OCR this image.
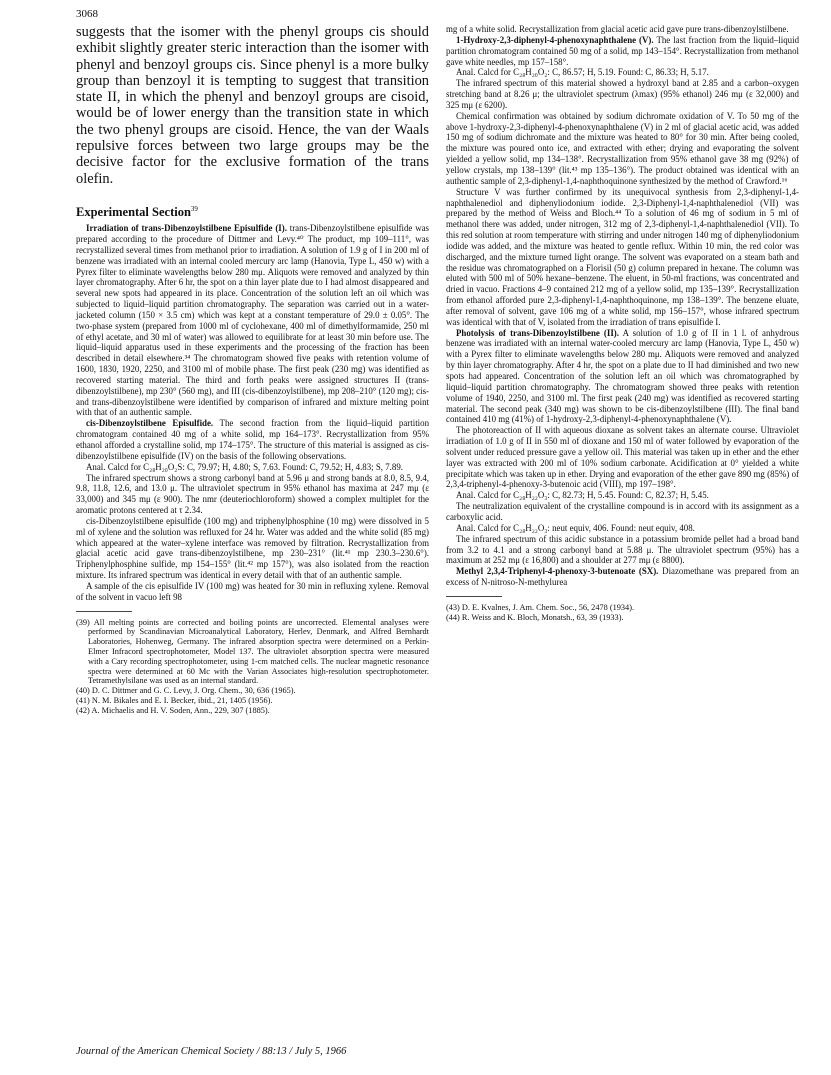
3068
suggests that the isomer with the phenyl groups cis should exhibit slightly greater steric interaction than the isomer with phenyl and benzoyl groups cis. Since phenyl is a more bulky group than benzoyl it is tempting to suggest that transition state II, in which the phenyl and benzoyl groups are cisoid, would be of lower energy than the transition state in which the two phenyl groups are cisoid. Hence, the van der Waals repulsive forces between two large groups may be the decisive factor for the exclusive formation of the trans olefin.
Experimental Section$^{39}$

Irradiation of trans-Dibenzoylstilbene Episulfide (I). trans-Dibenzoylstilbene episulfide was prepared according to the procedure of Dittmer and Levy.⁴⁰ The product, mp 109–111°, was recrystallized several times from methanol prior to irradiation. A solution of 1.9 g of I in 200 ml of benzene was irradiated with an internal cooled mercury arc lamp (Hanovia, Type L, 450 w) with a Pyrex filter to eliminate wavelengths below 280 mμ. Aliquots were removed and analyzed by thin layer chromatography. After 6 hr, the spot on a thin layer plate due to I had almost disappeared and several new spots had appeared in its place. Concentration of the solution left an oil which was subjected to liquid–liquid partition chromatography. The separation was carried out in a water-jacketed column (150 × 3.5 cm) which was kept at a constant temperature of 29.0 ± 0.05°. The two-phase system (prepared from 1000 ml of cyclohexane, 400 ml of dimethylformamide, 250 ml of ethyl acetate, and 30 ml of water) was allowed to equilibrate for at least 30 min before use. The liquid–liquid apparatus used in these experiments and the processing of the fraction has been described in detail elsewhere.³⁴ The chromatogram showed five peaks with retention volume of 1600, 1830, 1920, 2250, and 3100 ml of mobile phase. The first peak (230 mg) was identified as recovered starting material. The third and forth peaks were assigned structures II (trans-dibenzoylstilbene), mp 230° (560 mg), and III (cis-dibenzoylstilbene), mp 208–210° (120 mg); cis- and trans-dibenzoylstilbene were identified by comparison of infrared and mixture melting point with that of an authentic sample.

cis-Dibenzoylstilbene Episulfide. The second fraction from the liquid–liquid partition chromatogram contained 40 mg of a white solid, mp 164–173°. Recrystallization from 95% ethanol afforded a crystalline solid, mp 174–175°. The structure of this material is assigned as cis-dibenzoylstilbene episulfide (IV) on the basis of the following observations.

Anal. Calcd for C₂₈H₂₀O₂S: C, 79.97; H, 4.80; S, 7.63. Found: C, 79.52; H, 4.83; S, 7.89.

The infrared spectrum shows a strong carbonyl band at 5.96 μ and strong bands at 8.0, 8.5, 9.4, 9.8, 11.8, 12.6, and 13.0 μ. The ultraviolet spectrum in 95% ethanol has maxima at 247 mμ (ε 33,000) and 345 mμ (ε 900). The nmr (deuteriochloroform) showed a complex multiplet for the aromatic protons centered at τ 2.34.

cis-Dibenzoylstilbene episulfide (100 mg) and triphenylphosphine (10 mg) were dissolved in 5 ml of xylene and the solution was refluxed for 24 hr. Water was added and the white solid (85 mg) which appeared at the water–xylene interface was removed by filtration. Recrystallization from glacial acetic acid gave trans-dibenzoylstilbene, mp 230–231° (lit.⁴¹ mp 230.3–230.6°). Triphenylphosphine sulfide, mp 154–155° (lit.⁴² mp 157°), was also isolated from the reaction mixture. Its infrared spectrum was identical in every detail with that of an authentic sample.

A sample of the cis episulfide IV (100 mg) was heated for 30 min in refluxing xylene. Removal of the solvent in vacuo left 98

(39) All melting points are corrected and boiling points are uncorrected. Elemental analyses were performed by Scandinavian Microanalytical Laboratory, Herlev, Denmark, and Alfred Bernhardt Laboratories, Hohenweg, Germany. The infrared absorption spectra were determined on a Perkin-Elmer Infracord spectrophotometer, Model 137. The ultraviolet absorption spectra were measured with a Cary recording spectrophotometer, using 1-cm matched cells. The nuclear magnetic resonance spectra were determined at 60 Mc with the Varian Associates high-resolution spectrophotometer. Tetramethylsilane was used as an internal standard.

(40) D. C. Dittmer and G. C. Levy, J. Org. Chem., 30, 636 (1965).

(41) N. M. Bikales and E. I. Becker, ibid., 21, 1405 (1956).

(42) A. Michaelis and H. V. Soden, Ann., 229, 307 (1885).

mg of a white solid. Recrystallization from glacial acetic acid gave pure trans-dibenzoylstilbene.

1-Hydroxy-2,3-diphenyl-4-phenoxynaphthalene (V). The last fraction from the liquid–liquid partition chromatogram contained 50 mg of a solid, mp 143–154°. Recrystallization from methanol gave white needles, mp 157–158°.

Anal. Calcd for C₂₈H₂₀O₂: C, 86.57; H, 5.19. Found: C, 86.33; H, 5.17.

The infrared spectrum of this material showed a hydroxyl band at 2.85 and a carbon–oxygen stretching band at 8.26 μ; the ultraviolet spectrum (λmax) (95% ethanol) 246 mμ (ε 32,000) and 325 mμ (ε 6200).

Chemical confirmation was obtained by sodium dichromate oxidation of V. To 50 mg of the above 1-hydroxy-2,3-diphenyl-4-phenoxynaphthalene (V) in 2 ml of glacial acetic acid, was added 150 mg of sodium dichromate and the mixture was heated to 80° for 30 min. After being cooled, the mixture was poured onto ice, and extracted with ether; drying and evaporating the solvent yielded a yellow solid, mp 134–138°. Recrystallization from 95% ethanol gave 38 mg (92%) of yellow crystals, mp 138–139° (lit.⁴³ mp 135–136°). The product obtained was identical with an authentic sample of 2,3-diphenyl-1,4-naphthoquinone synthesized by the method of Crawford.¹⁶

Structure V was further confirmed by its unequivocal synthesis from 2,3-diphenyl-1,4-naphthalenediol and diphenyliodonium iodide. 2,3-Diphenyl-1,4-naphthalenediol (VII) was prepared by the method of Weiss and Bloch.⁴⁴ To a solution of 46 mg of sodium in 5 ml of methanol there was added, under nitrogen, 312 mg of 2,3-diphenyl-1,4-naphthalenediol (VII). To this red solution at room temperature with stirring and under nitrogen 140 mg of diphenyliodonium iodide was added, and the mixture was heated to gentle reflux. Within 10 min, the red color was discharged, and the mixture turned light orange. The solvent was evaporated on a steam bath and the residue was chromatographed on a Florisil (50 g) column prepared in hexane. The column was eluted with 500 ml of 50% hexane–benzene. The eluent, in 50-ml fractions, was concentrated and dried in vacuo. Fractions 4–9 contained 212 mg of a yellow solid, mp 135–139°. Recrystallization from ethanol afforded pure 2,3-diphenyl-1,4-naphthoquinone, mp 138–139°. The benzene eluate, after removal of solvent, gave 106 mg of a white solid, mp 156–157°, whose infrared spectrum was identical with that of V, isolated from the irradiation of trans episulfide I.

Photolysis of trans-Dibenzoylstilbene (II). A solution of 1.0 g of II in 1 l. of anhydrous benzene was irradiated with an internal water-cooled mercury arc lamp (Hanovia, Type L, 450 w) with a Pyrex filter to eliminate wavelengths below 280 mμ. Aliquots were removed and analyzed by thin layer chromatography. After 4 hr, the spot on a plate due to II had diminished and two new spots had appeared. Concentration of the solution left an oil which was chromatographed by liquid–liquid partition chromatography. The chromatogram showed three peaks with retention volume of 1940, 2250, and 3100 ml. The first peak (240 mg) was identified as recovered starting material. The second peak (340 mg) was shown to be cis-dibenzoylstilbene (III). The final band contained 410 mg (41%) of 1-hydroxy-2,3-diphenyl-4-phenoxynaphthalene (V).

The photoreaction of II with aqueous dioxane as solvent takes an alternate course. Ultraviolet irradiation of 1.0 g of II in 550 ml of dioxane and 150 ml of water followed by evaporation of the solvent under reduced pressure gave a yellow oil. This material was taken up in ether and the ether layer was extracted with 200 ml of 10% sodium carbonate. Acidification at 0° yielded a white precipitate which was taken up in ether. Drying and evaporation of the ether gave 890 mg (85%) of 2,3,4-triphenyl-4-phenoxy-3-butenoic acid (VIII), mp 197–198°.

Anal. Calcd for C₂₈H₂₂O₃: C, 82.73; H, 5.45. Found: C, 82.37; H, 5.45.

The neutralization equivalent of the crystalline compound is in accord with its assignment as a carboxylic acid.

Anal. Calcd for C₂₈H₂₂O₃: neut equiv, 406. Found: neut equiv, 408.

The infrared spectrum of this acidic substance in a potassium bromide pellet had a broad band from 3.2 to 4.1 and a strong carbonyl band at 5.88 μ. The ultraviolet spectrum (95%) has a maximum at 252 mμ (ε 16,800) and a shoulder at 277 mμ (ε 8800).

Methyl 2,3,4-Triphenyl-4-phenoxy-3-butenoate (SX). Diazomethane was prepared from an excess of N-nitroso-N-methylurea

(43) D. E. Kvalnes, J. Am. Chem. Soc., 56, 2478 (1934).

(44) R. Weiss and K. Bloch, Monatsh., 63, 39 (1933).

Journal of the American Chemical Society / 88:13 / July 5, 1966
